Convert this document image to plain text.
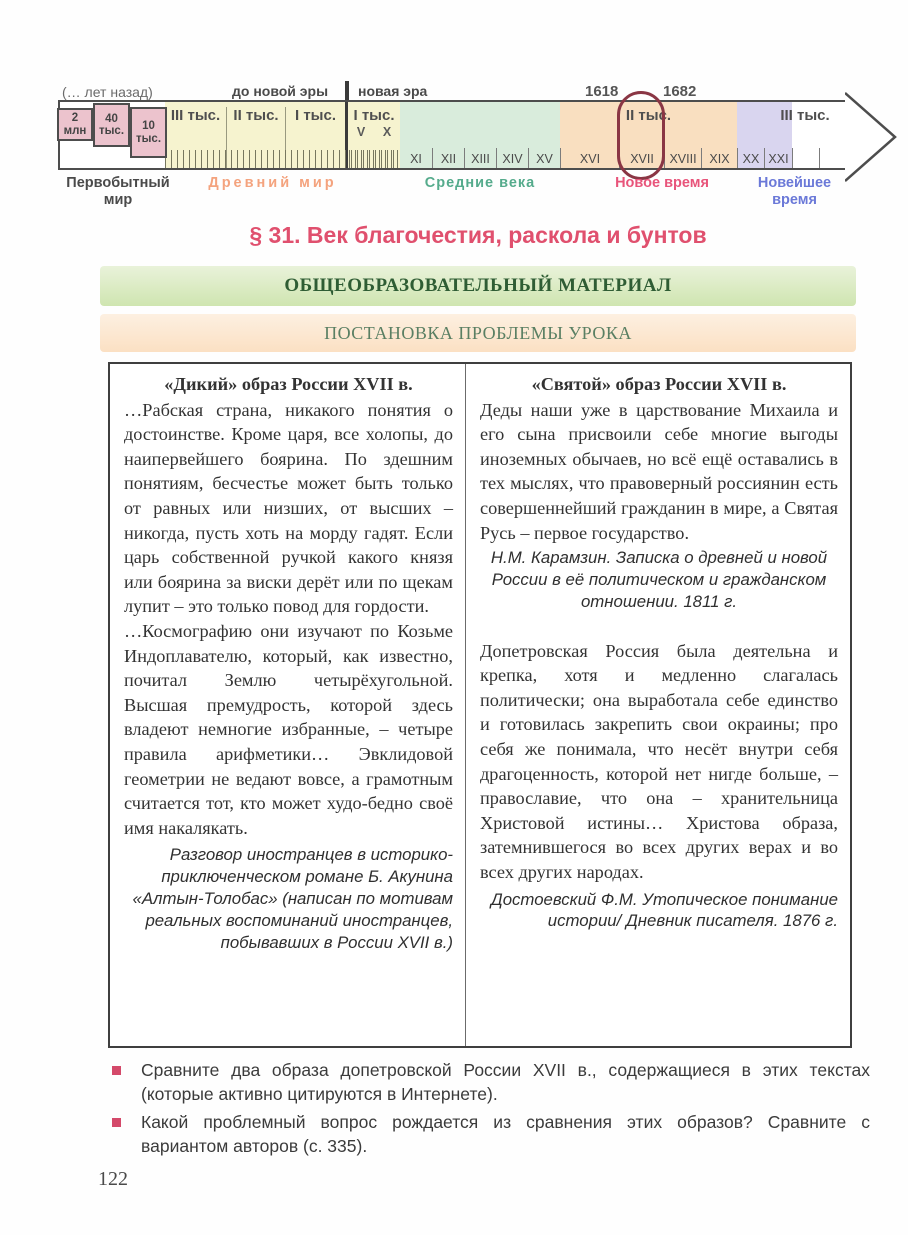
(… лет назад)	до новой эры новая эра	1618	1682
III тыс. II тыс.	I тыс.	I тыс.
V X
II тыс.	III тыс.
XI	XII	XIII	XIV	XV	XVI	XVII	XVIII	XIX	XX XXI
2 млн
40 тыс.	10 тыс.
Первобытный мир
Древний мир	Средние века	Новое время	Новейшее время
§ 31. Век благочестия, раскола и бунтов
ОБЩЕОБРАЗОВАТЕЛЬНЫЙ МАТЕРИАЛ
ПОСТАНОВКА ПРОБЛЕМЫ УРОКА
«Дикий» образ России XVII в.
…Рабская страна, никакого понятия о достоинстве. Кроме царя, все холопы, до наипервейшего боярина. По здешним понятиям, бесчестье может быть только от равных или низших, от высших – никогда, пусть хоть на морду гадят. Если царь собственной ручкой какого князя или боярина за виски дерёт или по щекам лупит – это только повод для гордости.
…Космографию они изучают по Козьме Индоплавателю, который, как известно, почитал Землю четырёхугольной. Высшая премудрость, которой здесь владеют немногие избранные, – четыре правила арифметики… Эвклидовой геометрии не ведают вовсе, а грамотным считается тот, кто может худо-бедно своё имя накалякать.
Разговор иностранцев в историко-приключенческом романе Б. Акунина «Алтын-Толобас» (написан по мотивам реальных воспоминаний иностранцев, побывавших в России XVII в.)
«Святой» образ России XVII в.
Деды наши уже в царствование Михаила и его сына присвоили себе многие выгоды иноземных обычаев, но всё ещё оставались в тех мыслях, что правоверный россиянин есть совершеннейший гражданин в мире, а Святая Русь – первое государство.
Н.М. Карамзин. Записка о древней и новой России в её политическом и гражданском отношении. 1811 г.
Допетровская Россия была деятельна и крепка, хотя и медленно слагалась политически; она выработала себе единство и готовилась закрепить свои окраины; про себя же понимала, что несёт внутри себя драгоценность, которой нет нигде больше, – православие, что она – хранительница Христовой истины… Христова образа, затемнившегося во всех других верах и во всех других народах.
Достоевский Ф.М. Утопическое понимание истории/ Дневник писателя. 1876 г.
Сравните два образа допетровской России XVII в., содержащиеся в этих текстах (которые активно цитируются в Интернете).
Какой проблемный вопрос рождается из сравнения этих образов? Сравните с вариантом авторов (с. 335).
122
